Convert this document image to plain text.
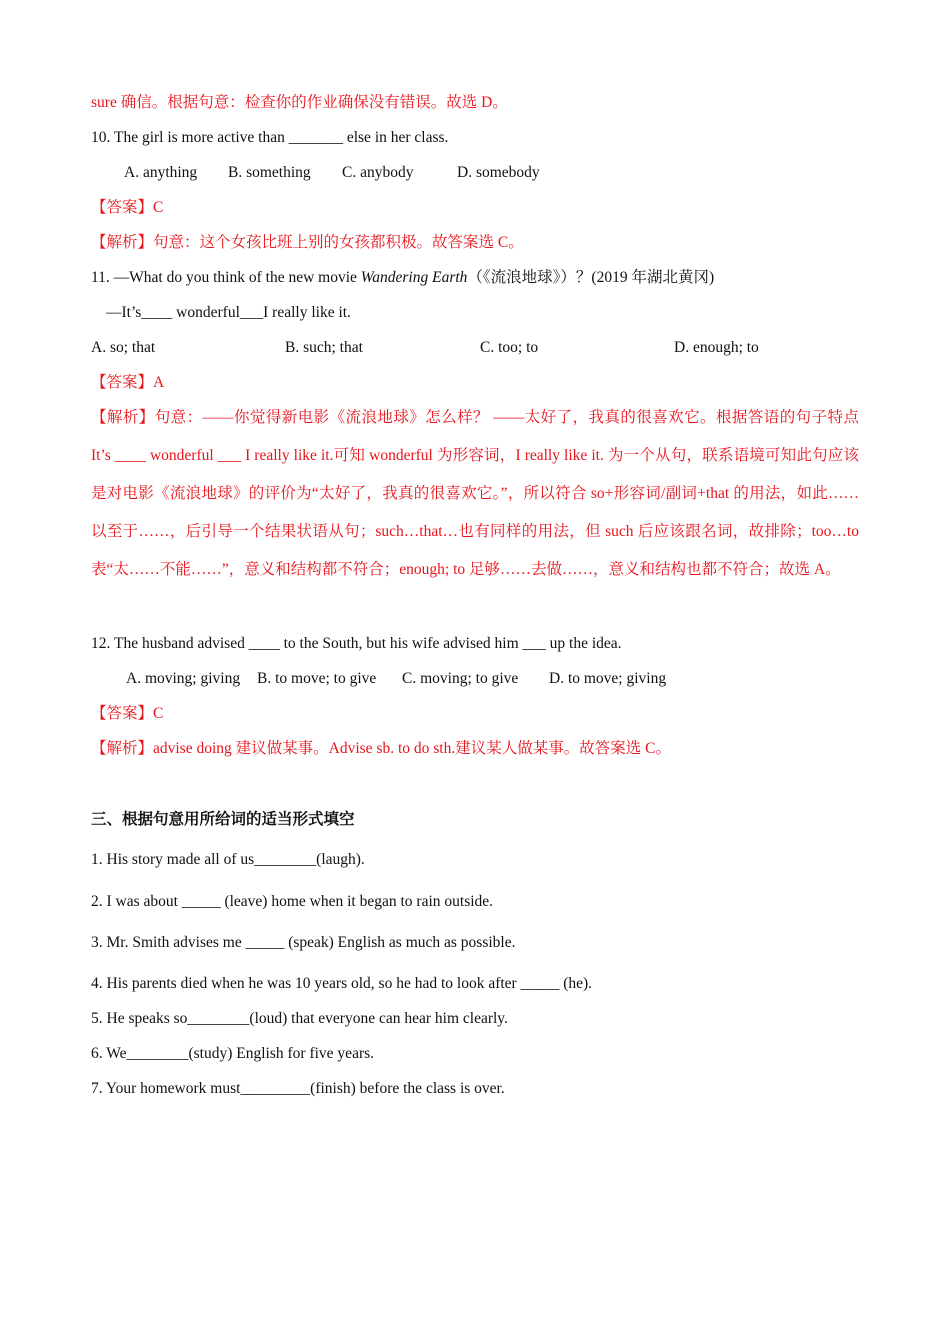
sure 确信。根据句意：检查你的作业确保没有错误。故选 D。
10. The girl is more active than _______ else in her class.
A. anything B. something C. anybody	D. somebody
【答案】C
【解析】句意：这个女孩比班上别的女孩都积极。故答案选 C。
11. —What do you think of the new movie Wandering Earth（《流浪地球》）？(2019 年湖北黄冈)
—It’s____ wonderful___I really like it.
A. so; that	B. such; that	C. too; to	D. enough; to
【答案】A
【解析】句意：——你觉得新电影《流浪地球》怎么样？ ——太好了，我真的很喜欢它。根据答语的句子特点 It’s ____ wonderful ___ I really like it.可知 wonderful 为形容词，I really like it. 为一个从句，联系语境可知此句应该是对电影《流浪地球》的评价为“太好了，我真的很喜欢它。”，所以符合 so+形容词/副词+that 的用法，如此……以至于……，后引导一个结果状语从句；such…that…也有同样的用法，但 such 后应该跟名词，故排除；too…to 表“太……不能……”，意义和结构都不符合；enough; to 足够……去做……，意义和结构也都不符合；故选 A。
12. The husband advised ____ to the South, but his wife advised him ___ up the idea.
A. moving; giving B. to move; to give C. moving; to give D. to move; giving
【答案】C
【解析】advise doing 建议做某事。Advise sb. to do sth.建议某人做某事。故答案选 C。
三、根据句意用所给词的适当形式填空
1. His story made all of us________(laugh).
2. I was about _____ (leave) home when it began to rain outside.
3. Mr. Smith advises me _____ (speak) English as much as possible.
4. His parents died when he was 10 years old, so he had to look after _____ (he).
5. He speaks so________(loud) that everyone can hear him clearly.
6. We________(study) English for five years.
7. Your homework must_________(finish) before the class is over.
